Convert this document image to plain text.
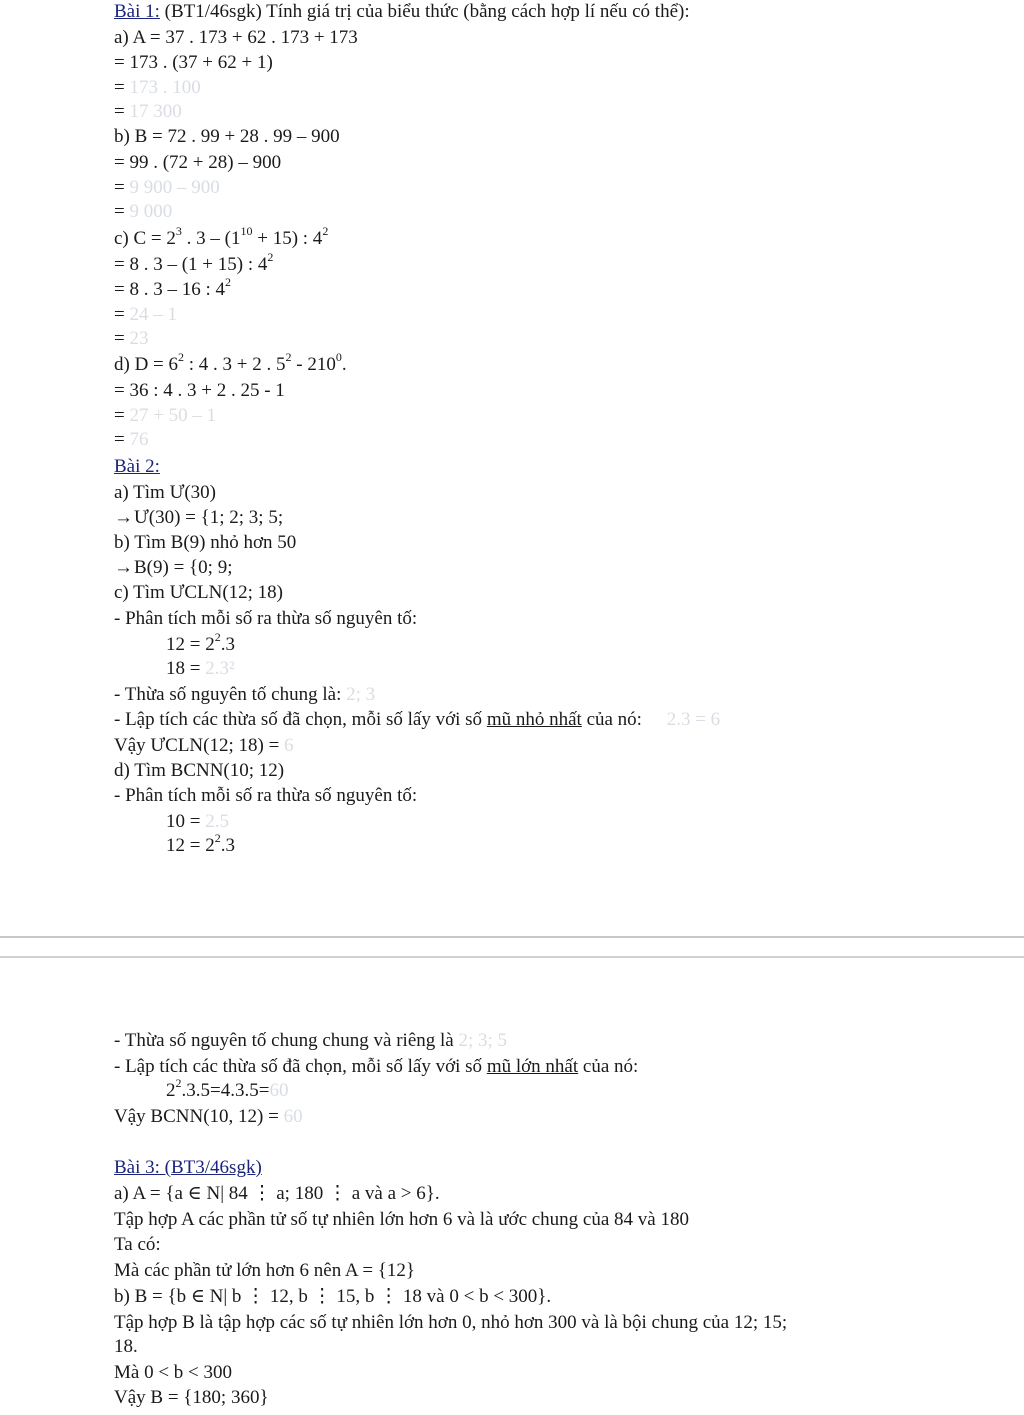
Bài 1: (BT1/46sgk) Tính giá trị của biểu thức (bằng cách hợp lí nếu có thể):
a) A = 37 . 173 + 62 . 173 + 173
= 173 . (37 + 62 + 1)
= 173 . 100
= 17 300
b) B = 72 . 99 + 28 . 99 – 900
= 99 . (72 + 28) – 900
= 9 900 – 900
= 9 000
c) $C = 2^3$ . $3 - (1^{10} + 15)$ : $4^2$
= 8 . 3 – (1 + 15) : $4^2$
= 8 . 3 – 16 : $4^2$
= 24 – 1
= 23
d) $D = 6^2$ : 4 . 3 + 2 . $5^2 - 210^0$.
= 36 : 4 . 3 + 2 . 25 - 1
= 27 + 50 – 1
= 76
Bài 2:
a) Tìm Ư(30)
→Ư(30) = {1; 2; 3; 5;
b) Tìm B(9) nhỏ hơn 50
→B(9) = {0; 9;
c) Tìm ƯCLN(12; 18)
- Phân tích mỗi số ra thừa số nguyên tố:
$12 = 2^2.3$
18 = 2.3²
- Thừa số nguyên tố chung là: 2; 3
- Lập tích các thừa số đã chọn, mỗi số lấy với số mũ nhỏ nhất của nó: 2.3 = 6
Vậy ƯCLN(12; 18) = 6
d) Tìm BCNN(10; 12)
- Phân tích mỗi số ra thừa số nguyên tố:
10 = 2.5
$12 = 2^2.3$
- Thừa số nguyên tố chung chung và riêng là 2; 3; 5
- Lập tích các thừa số đã chọn, mỗi số lấy với số mũ lớn nhất của nó:
$2^2.3.5=4.3.5=60$
Vậy BCNN(10, 12) = 60
Bài 3: (BT3/46sgk)
a) A = {a ∈ N| 84 ⋮ a; 180 ⋮ a và a > 6}.
Tập hợp A các phần tử số tự nhiên lớn hơn 6 và là ước chung của 84 và 180
Ta có:
Mà các phần tử lớn hơn 6 nên A = {12}
b) B = {b ∈ N| b ⋮ 12, b ⋮ 15, b ⋮ 18 và 0 < b < 300}.
Tập hợp B là tập hợp các số tự nhiên lớn hơn 0, nhỏ hơn 300 và là bội chung của 12; 15;
18.
Mà 0 < b < 300
Vậy B = {180; 360}
